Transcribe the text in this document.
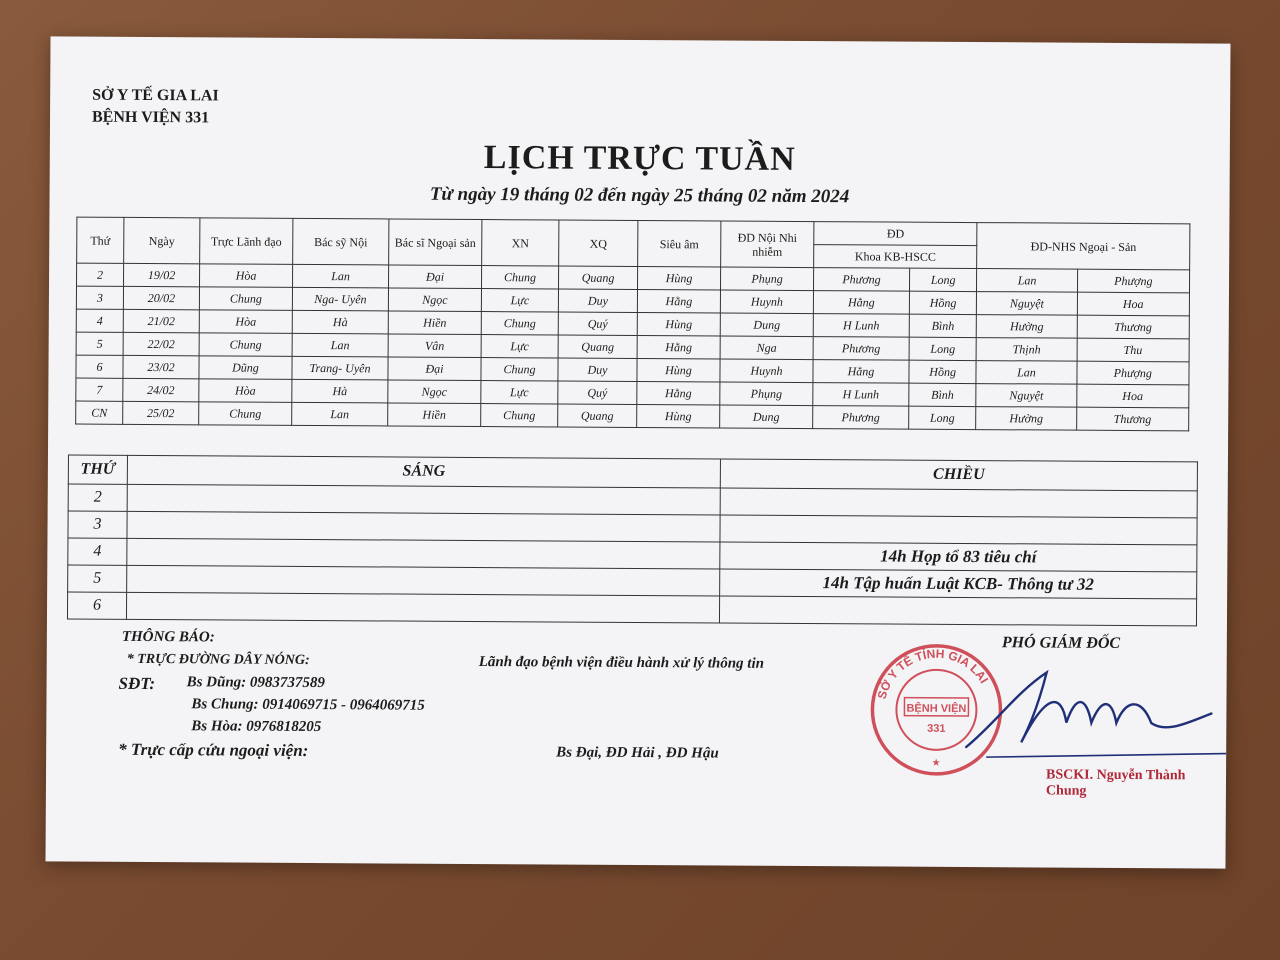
SỞ Y TẾ GIA LAI
BỆNH VIỆN 331
LỊCH TRỰC TUẦN
Từ ngày 19 tháng 02 đến ngày 25 tháng 02 năm 2024
Thứ	Ngày	Trực Lãnh đạo	Bác sỹ Nội	Bác sĩ Ngoại sản	XN	XQ	Siêu âm	ĐD Nội Nhi nhiễm	ĐD		ĐD-NHS Ngoại - Sản	
									Khoa KB-HSCC			
2	19/02	Hòa	Lan	Đại	Chung	Quang	Hùng	Phụng	Phương	Long	Lan	Phượng
3	20/02	Chung	Nga- Uyên	Ngọc	Lực	Duy	Hằng	Huynh	Hằng	Hồng	Nguyệt	Hoa
4	21/02	Hòa	Hà	Hiền	Chung	Quý	Hùng	Dung	H Lunh	Bình	Hường	Thương
5	22/02	Chung	Lan	Vân	Lực	Quang	Hằng	Nga	Phương	Long	Thịnh	Thu
6	23/02	Dũng	Trang- Uyên	Đại	Chung	Duy	Hùng	Huynh	Hằng	Hồng	Lan	Phượng
7	24/02	Hòa	Hà	Ngọc	Lực	Quý	Hằng	Phụng	H Lunh	Bình	Nguyệt	Hoa
CN	25/02	Chung	Lan	Hiền	Chung	Quang	Hùng	Dung	Phương	Long	Hường	Thương
THỨ	SÁNG	CHIỀU
2		
3		
4		14h Họp tổ 83 tiêu chí
5		14h Tập huấn Luật KCB- Thông tư 32
6		
THÔNG BÁO:
* TRỰC ĐƯỜNG DÂY NÓNG:	Lãnh đạo bệnh viện điều hành xử lý thông tin
SĐT: Bs Dũng: 0983737589
Bs Chung: 0914069715 - 0964069715
Bs Hòa: 0976818205
* Trực cấp cứu ngoại viện:	Bs Đại, ĐD Hải , ĐD Hậu
PHÓ GIÁM ĐỐC
SỞ Y TẾ TỈNH GIA LAI
BỆNH VIỆN
331
★
BSCKI. Nguyễn Thành Chung
